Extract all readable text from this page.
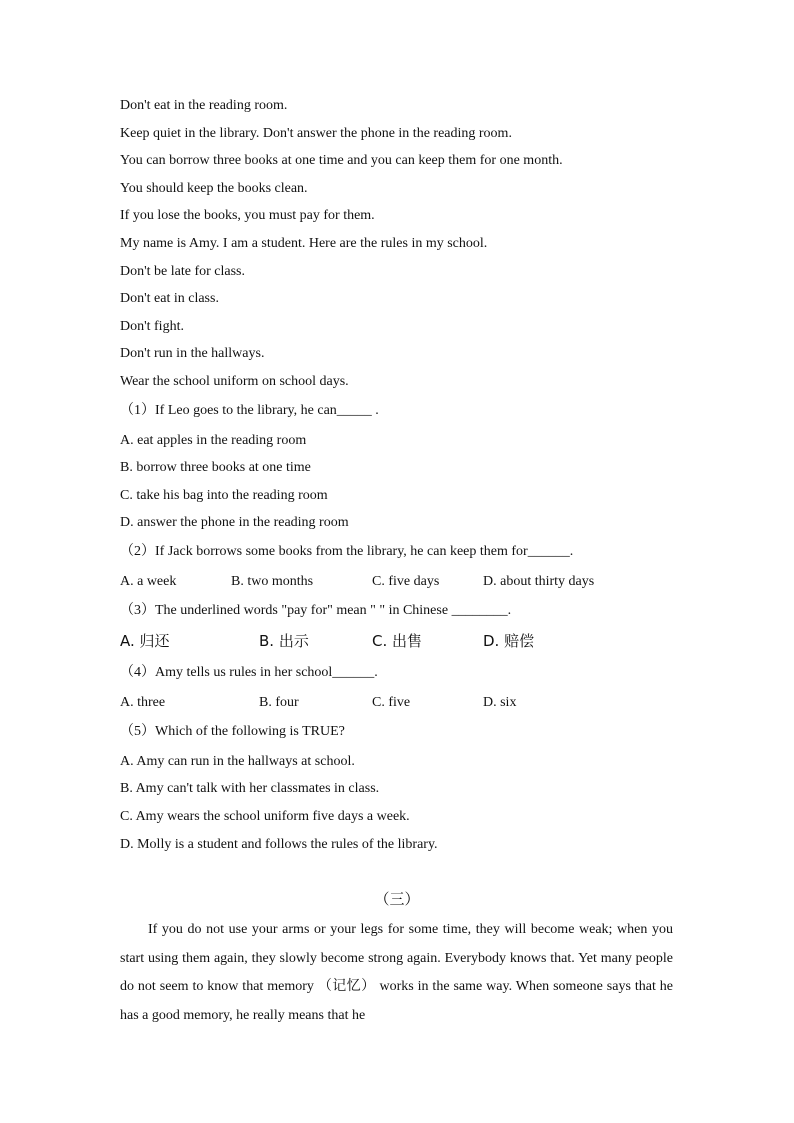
Don't eat in the reading room.
Keep quiet in the library. Don't answer the phone in the reading room.
You can borrow three books at one time and you can keep them for one month.
You should keep the books clean.
If you lose the books, you must pay for them.
My name is Amy. I am a student. Here are the rules in my school.
Don't be late for class.
Don't eat in class.
Don't fight.
Don't run in the hallways.
Wear the school uniform on school days.
（1）If Leo goes to the library, he can_____ .
A. eat apples in the reading room
B. borrow three books at one time
C. take his bag into the reading room
D. answer the phone in the reading room
（2）If Jack borrows some books from the library, he can keep them for______.
A. a week	B. two months	C. five days	D. about thirty days
（3）The underlined words "pay for" mean " " in Chinese ________.
A. 归还	B. 出示	C. 出售	D. 赔偿
（4）Amy tells us rules in her school______.
A. three	B. four	C. five	D. six
（5）Which of the following is TRUE?
A. Amy can run in the hallways at school.
B. Amy can't talk with her classmates in class.
C. Amy wears the school uniform five days a week.
D. Molly is a student and follows the rules of the library.
（三）
If you do not use your arms or your legs for some time, they will become weak; when you start using them again, they slowly become strong again. Everybody knows that. Yet many people do not seem to know that memory （记忆） works in the same way. When someone says that he has a good memory, he really means that he
